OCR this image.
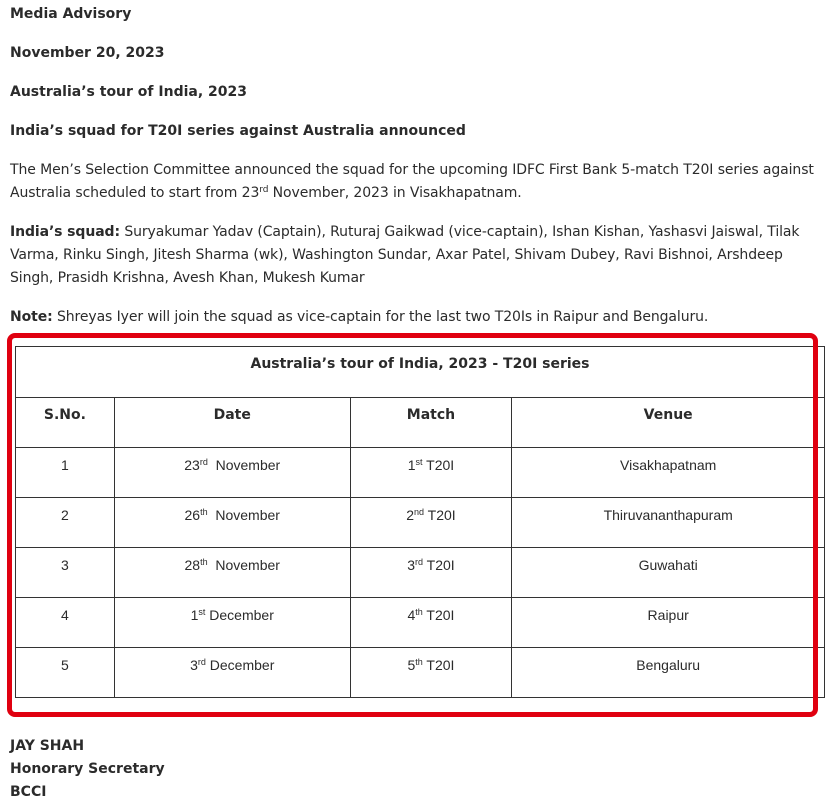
Media Advisory

November 20, 2023

Australia’s tour of India, 2023

India’s squad for T20I series against Australia announced

The Men’s Selection Committee announced the squad for the upcoming IDFC First Bank 5-match T20I series against Australia scheduled to start from 23rd November, 2023 in Visakhapatnam.

India’s squad: Suryakumar Yadav (Captain), Ruturaj Gaikwad (vice-captain), Ishan Kishan, Yashasvi Jaiswal, Tilak Varma, Rinku Singh, Jitesh Sharma (wk), Washington Sundar, Axar Patel, Shivam Dubey, Ravi Bishnoi, Arshdeep Singh, Prasidh Krishna, Avesh Khan, Mukesh Kumar

Note: Shreyas Iyer will join the squad as vice-captain for the last two T20Is in Raipur and Bengaluru.

Australia’s tour of India, 2023 - T20I series			
S.No.	Date	Match	Venue
1	23rd  November	1st T20I	Visakhapatnam
2	26th  November	2nd T20I	Thiruvananthapuram
3	28th  November	3rd T20I	Guwahati
4	1st December	4th T20I	Raipur
5	3rd December	5th T20I	Bengaluru

JAY SHAH

Honorary Secretary

BCCI
